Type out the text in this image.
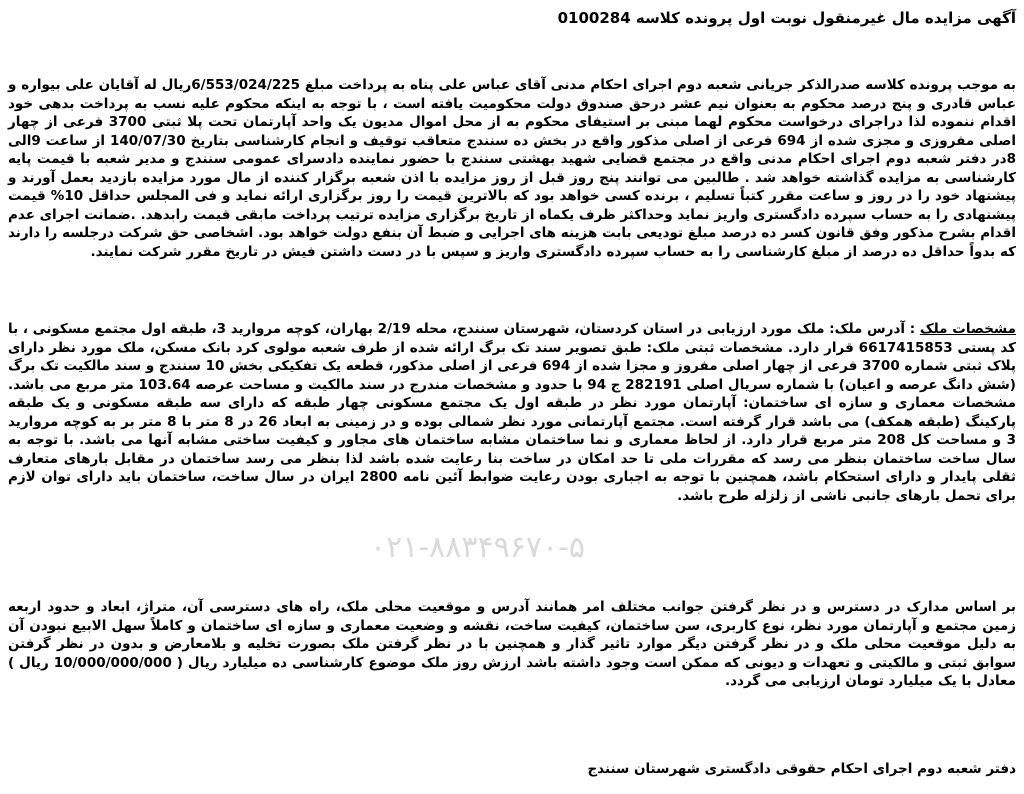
آگهی مزایده مال غیرمنقول نوبت اول پرونده کلاسه 0100284
به موجب پرونده کلاسه صدرالذکر جریانی شعبه دوم اجرای احکام مدنی آقای عباس علی پناه به پرداخت مبلغ 6/553/024/225ریال له آقایان علی بیواره و عباس قادری و پنج درصد محکوم به بعنوان نیم عشر درحق صندوق دولت محکومیت یافته است ، با توجه به اینکه محکوم علیه نسب به پرداخت بدهی خود اقدام ننموده لذا دراجرای درخواست محکوم لهما مبنی بر استیفای محکوم به از محل اموال مدیون یک واحد آپارتمان تحت پلا ثبتی 3700 فرعی از چهار اصلی مفروزی و مجزی شده از 694 فرعی از اصلی مذکور واقع در بخش ده سنندج متعاقب توقیف و انجام کارشناسی بتاریخ 140/07/30 از ساعت 9الی 8در دفتر شعبه دوم اجرای احکام مدنی واقع در مجتمع قضایی شهید بهشتی سنندج با حضور نماینده دادسرای عمومی سنندج و مدیر شعبه با قیمت پایه کارشناسی به مزایده گذاشته خواهد شد . طالبین می توانند پنج روز قبل از روز مزایده با اذن شعبه برگزار کننده از مال مورد مزایده بازدید بعمل آورند و پیشنهاد خود را در روز و ساعت مقرر کتباً تسلیم ، برنده کسی خواهد بود که بالاترین قیمت را روز برگزاری ارائه نماید و فی المجلس حداقل 10% قیمت پیشنهادی را به حساب سپرده دادگستری واریز نماید وحداکثر ظرف یکماه از تاریخ برگزاری مزایده ترتیب پرداخت مابقی قیمت رابدهد. .ضمانت اجرای عدم اقدام بشرح مذکور وفق قانون کسر ده درصد مبلغ تودیعی بابت هزینه های اجرایی و ضبط آن بنفع دولت خواهد بود. اشخاصی حق شرکت درجلسه را دارند که بدواً حداقل ده درصد از مبلغ کارشناسی را به حساب سپرده دادگستری واریز و سپس با در دست داشتن فیش در تاریخ مقرر شرکت نمایند.
مشخصات ملک : آدرس ملک: ملک مورد ارزیابی در استان کردستان، شهرستان سنندج، محله 2/19 بهاران، کوچه مروارید 3، طبقه اول مجتمع مسکونی ، با کد پستی 6617415853 قرار دارد. مشخصات ثبتی ملک: طبق تصویر سند تک برگ ارائه شده از طرف شعبه مولوی کرد بانک مسکن، ملک مورد نظر دارای پلاک ثبتی شماره 3700 فرعی از چهار اصلی مفروز و مجزا شده از 694 فرعی از اصلی مذکور، قطعه یک تفکیکی بخش 10 سنندج و سند مالکیت تک برگ (شش دانگ عرصه و اعیان) با شماره سریال اصلی 282191 ج 94 با حدود و مشخصات مندرج در سند مالکیت و مساحت عرصه 103.64 متر مربع می باشد. مشخصات معماری و سازه ای ساختمان: آپارتمان مورد نظر در طبقه اول یک مجتمع مسکونی چهار طبقه که دارای سه طبقه مسکونی و یک طبقه پارکینگ (طبقه همکف) می باشد قرار گرفته است. مجتمع آپارتمانی مورد نظر شمالی بوده و در زمینی به ابعاد 26 در 8 متر با 8 متر بر به کوچه مروارید 3 و مساحت کل 208 متر مربع قرار دارد. از لحاظ معماری و نما ساختمان مشابه ساختمان های مجاور و کیفیت ساختی مشابه آنها می باشد. با توجه به سال ساخت ساختمان بنظر می رسد که مقررات ملی تا حد امکان در ساخت بنا رعایت شده باشد لذا بنظر می رسد ساختمان در مقابل بارهای متعارف ثقلی پایدار و دارای استحکام باشد، همچنین با توجه به اجباری بودن رعایت ضوابط آئین نامه 2800 ایران در سال ساخت، ساختمان باید دارای توان لازم برای تحمل بارهای جانبی ناشی از زلزله طرح باشد.
۰۲۱-۸۸۳۴۹۶۷۰-۵
بر اساس مدارک در دسترس و در نظر گرفتن جوانب مختلف امر همانند آدرس و موقعیت محلی ملک، راه های دسترسی آن، متراژ، ابعاد و حدود اربعه زمین مجتمع و آپارتمان مورد نظر، نوع کاربری، سن ساختمان، کیفیت ساخت، نقشه و وضعیت معماری و سازه ای ساختمان و کاملاً سهل الابیع نبودن آن به دلیل موقعیت محلی ملک و در نظر گرفتن دیگر موارد تاثیر گذار و همچنین با در نظر گرفتن ملک بصورت تخلیه و بلامعارض و بدون در نظر گرفتن سوابق ثبتی و مالکیتی و تعهدات و دیونی که ممکن است وجود داشته باشد ارزش روز ملک موضوع کارشناسی ده میلیارد ریال ( 10/000/000/000 ریال ) معادل با یک میلیارد تومان ارزیابی می گردد.
دفتر شعبه دوم اجرای احکام حقوقی دادگستری شهرستان سنندج
